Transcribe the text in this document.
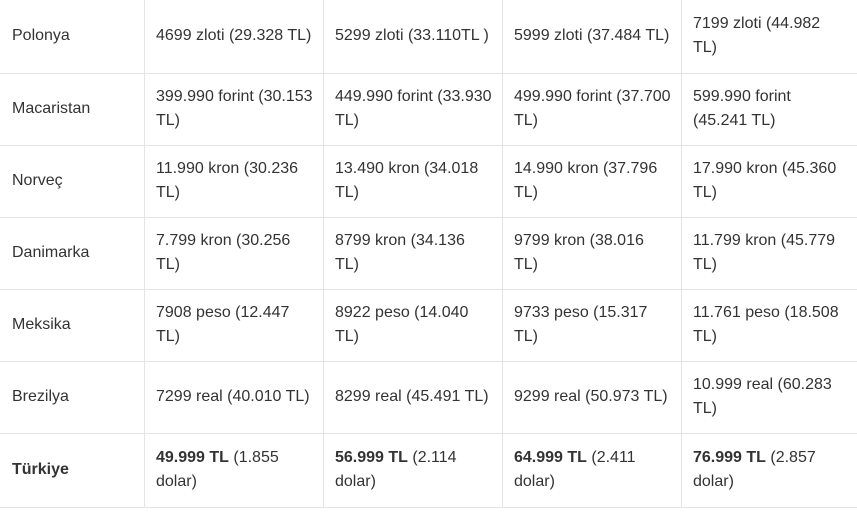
Polonya	4699 zloti (29.328 TL)	5299 zloti (33.110TL )	5999 zloti (37.484 TL)	7199 zloti (44.982 TL)
Macaristan	399.990 forint (30.153 TL)	449.990 forint (33.930 TL)	499.990 forint (37.700 TL)	599.990 forint (45.241 TL)
Norveç	11.990 kron (30.236 TL)	13.490 kron (34.018 TL)	14.990 kron (37.796 TL)	17.990 kron (45.360 TL)
Danimarka	7.799 kron (30.256 TL)	8799 kron (34.136 TL)	9799 kron (38.016 TL)	11.799 kron (45.779 TL)
Meksika	7908 peso (12.447 TL)	8922 peso (14.040 TL)	9733 peso (15.317 TL)	11.761 peso (18.508 TL)
Brezilya	7299 real (40.010 TL)	8299 real (45.491 TL)	9299 real (50.973 TL)	10.999 real (60.283 TL)
Türkiye	49.999 TL (1.855 dolar)	56.999 TL (2.114 dolar)	64.999 TL (2.411 dolar)	76.999 TL (2.857 dolar)
